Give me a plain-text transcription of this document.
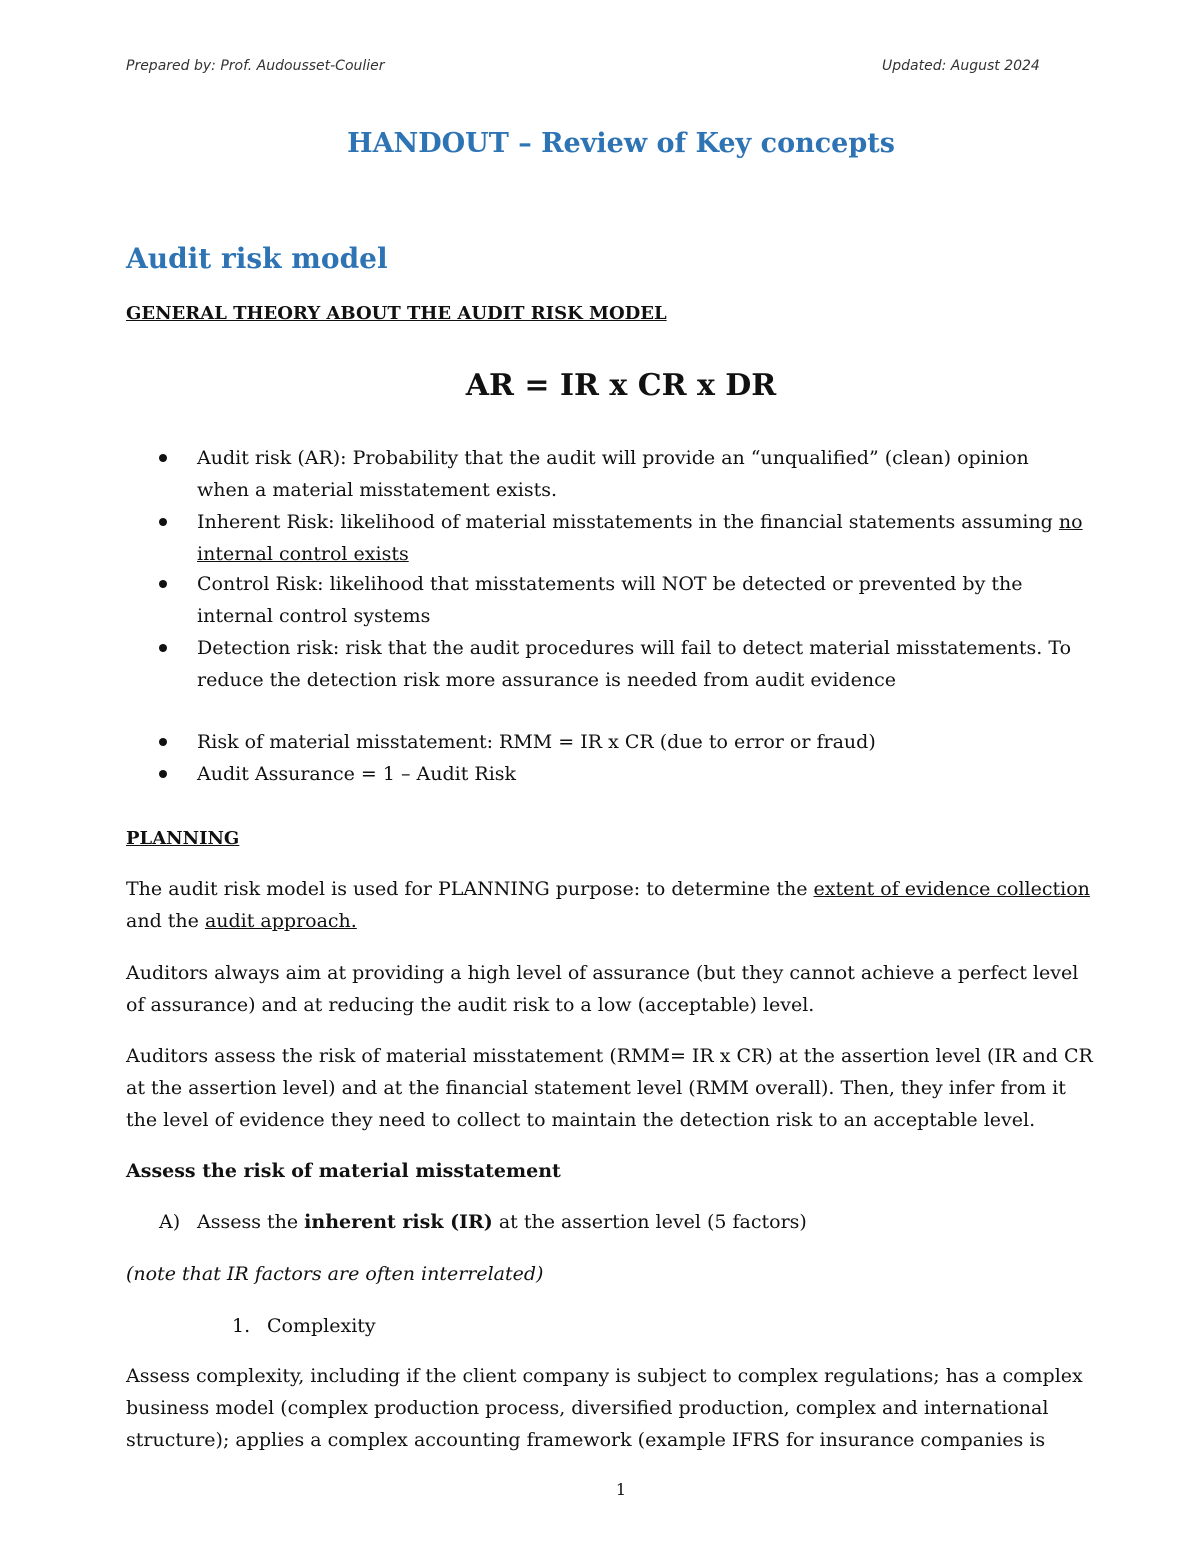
Prepared by: Prof. Audousset-Coulier	Updated: August 2024
HANDOUT – Review of Key concepts
Audit risk model
GENERAL THEORY ABOUT THE AUDIT RISK MODEL
AR = IR x CR x DR
Audit risk (AR): Probability that the audit will provide an “unqualified” (clean) opinion
when a material misstatement exists.
Inherent Risk: likelihood of material misstatements in the financial statements assuming no
internal control exists
Control Risk: likelihood that misstatements will NOT be detected or prevented by the
internal control systems
Detection risk: risk that the audit procedures will fail to detect material misstatements. To
reduce the detection risk more assurance is needed from audit evidence
Risk of material misstatement: RMM = IR x CR (due to error or fraud)
Audit Assurance = 1 – Audit Risk
PLANNING
The audit risk model is used for PLANNING purpose: to determine the extent of evidence collection
and the audit approach.
Auditors always aim at providing a high level of assurance (but they cannot achieve a perfect level
of assurance) and at reducing the audit risk to a low (acceptable) level.
Auditors assess the risk of material misstatement (RMM= IR x CR) at the assertion level (IR and CR
at the assertion level) and at the financial statement level (RMM overall). Then, they infer from it
the level of evidence they need to collect to maintain the detection risk to an acceptable level.
Assess the risk of material misstatement
A) Assess the inherent risk (IR) at the assertion level (5 factors)
(note that IR factors are often interrelated)
1. Complexity
Assess complexity, including if the client company is subject to complex regulations; has a complex
business model (complex production process, diversified production, complex and international
structure); applies a complex accounting framework (example IFRS for insurance companies is
1
